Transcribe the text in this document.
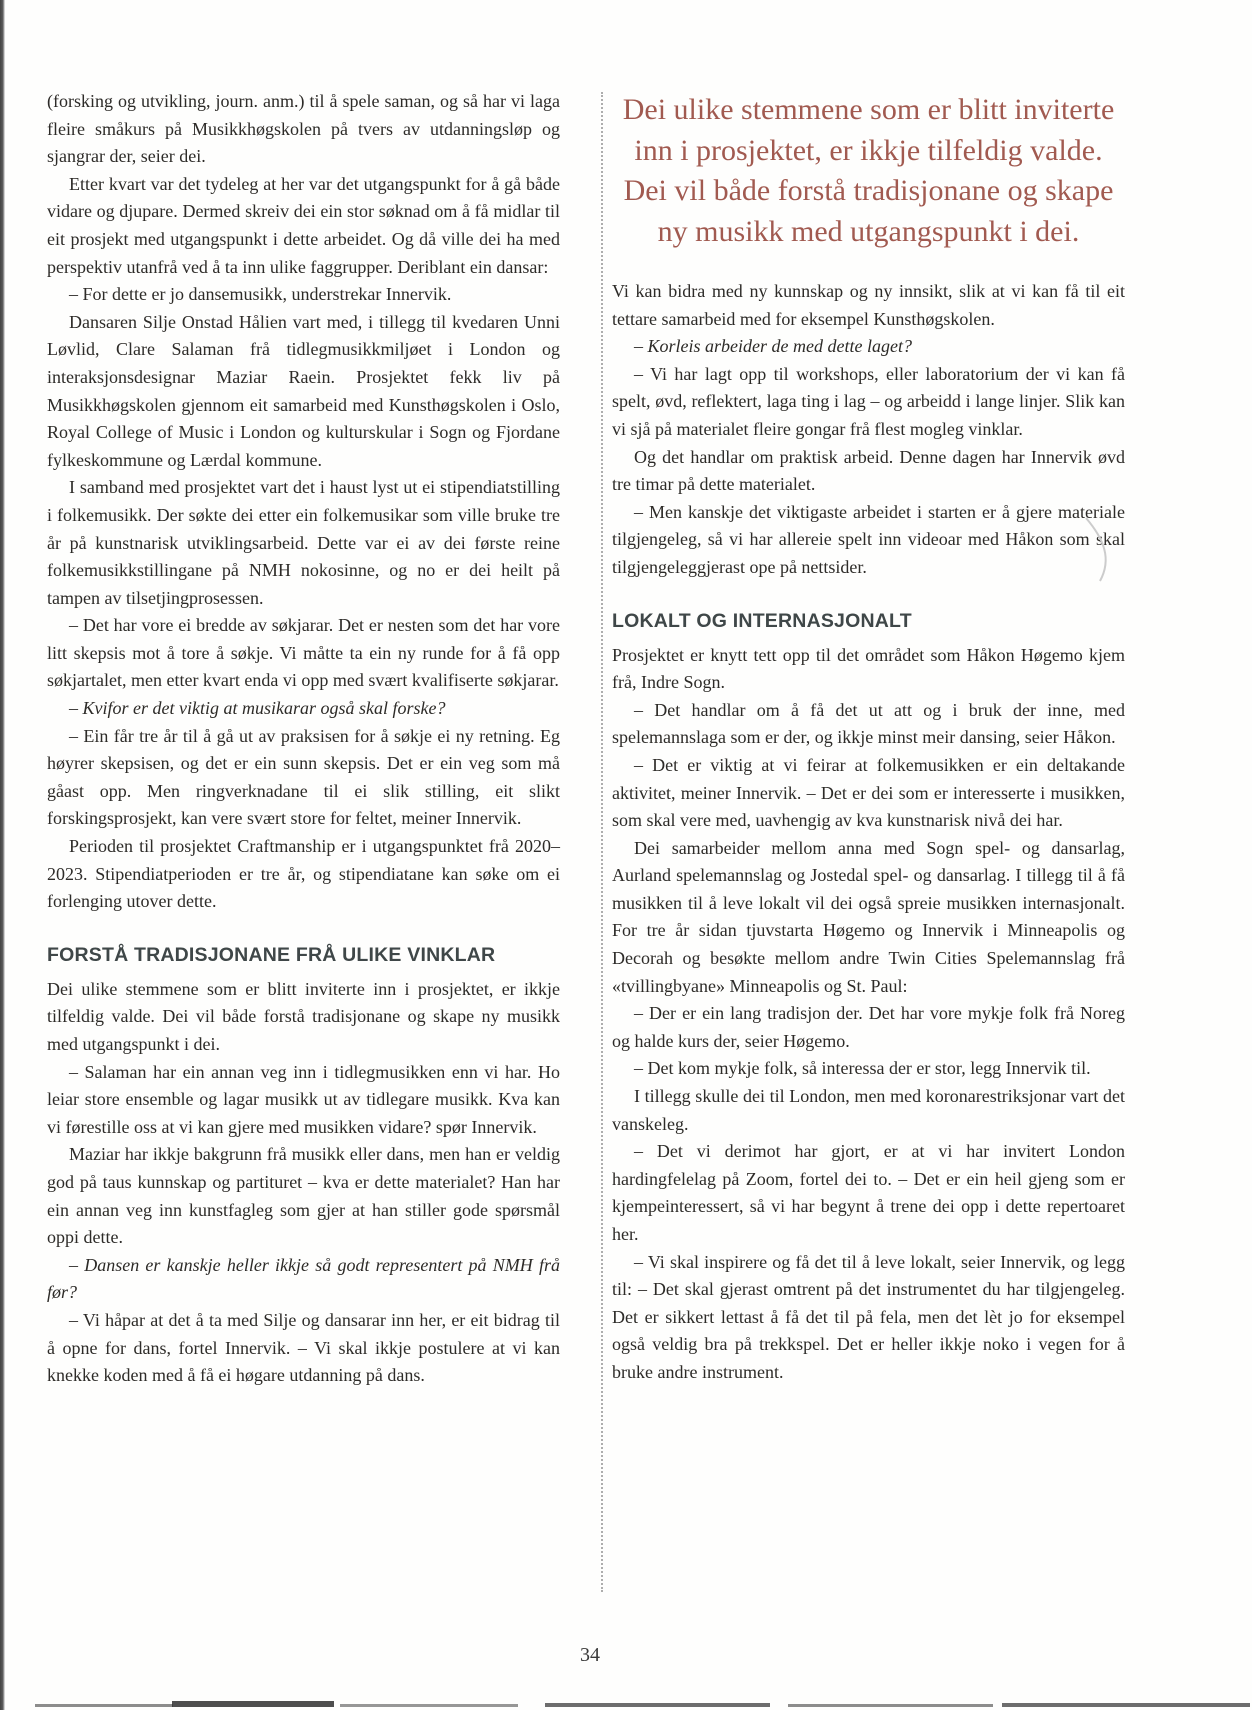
(forsking og utvikling, journ. anm.) til å spele saman, og så har vi laga fleire småkurs på Musikkhøgskolen på tvers av utdanningsløp og sjangrar der, seier dei.

Etter kvart var det tydeleg at her var det utgangspunkt for å gå både vidare og djupare. Dermed skreiv dei ein stor søknad om å få midlar til eit prosjekt med utgangspunkt i dette arbeidet. Og då ville dei ha med perspektiv utanfrå ved å ta inn ulike faggrupper. Deriblant ein dansar:

– For dette er jo dansemusikk, understrekar Innervik.

Dansaren Silje Onstad Hålien vart med, i tillegg til kvedaren Unni Løvlid, Clare Salaman frå tidlegmusikkmiljøet i London og interaksjonsdesignar Maziar Raein. Prosjektet fekk liv på Musikkhøgskolen gjennom eit samarbeid med Kunsthøgskolen i Oslo, Royal College of Music i London og kulturskular i Sogn og Fjordane fylkeskommune og Lærdal kommune.

I samband med prosjektet vart det i haust lyst ut ei stipendiatstilling i folkemusikk. Der søkte dei etter ein folkemusikar som ville bruke tre år på kunstnarisk utviklingsarbeid. Dette var ei av dei første reine folkemusikkstillingane på NMH nokosinne, og no er dei heilt på tampen av tilsetjingprosessen.

– Det har vore ei bredde av søkjarar. Det er nesten som det har vore litt skepsis mot å tore å søkje. Vi måtte ta ein ny runde for å få opp søkjartalet, men etter kvart enda vi opp med svært kvalifiserte søkjarar.

– Kvifor er det viktig at musikarar også skal forske?

– Ein får tre år til å gå ut av praksisen for å søkje ei ny retning. Eg høyrer skepsisen, og det er ein sunn skepsis. Det er ein veg som må gåast opp. Men ringverknadane til ei slik stilling, eit slikt forskingsprosjekt, kan vere svært store for feltet, meiner Innervik.

Perioden til prosjektet Craftmanship er i utgangspunktet frå 2020–2023. Stipendiatperioden er tre år, og stipendiatane kan søke om ei forlenging utover dette.

FORSTÅ TRADISJONANE FRÅ ULIKE VINKLAR

Dei ulike stemmene som er blitt inviterte inn i prosjektet, er ikkje tilfeldig valde. Dei vil både forstå tradisjonane og skape ny musikk med utgangspunkt i dei.

– Salaman har ein annan veg inn i tidlegmusikken enn vi har. Ho leiar store ensemble og lagar musikk ut av tidlegare musikk. Kva kan vi førestille oss at vi kan gjere med musikken vidare? spør Innervik.

Maziar har ikkje bakgrunn frå musikk eller dans, men han er veldig god på taus kunnskap og partituret – kva er dette materialet? Han har ein annan veg inn kunstfagleg som gjer at han stiller gode spørsmål oppi dette.

– Dansen er kanskje heller ikkje så godt representert på NMH frå før?

– Vi håpar at det å ta med Silje og dansarar inn her, er eit bidrag til å opne for dans, fortel Innervik. – Vi skal ikkje postulere at vi kan knekke koden med å få ei høgare utdanning på dans.

Dei ulike stemmene som er blitt inviterte inn i prosjektet, er ikkje tilfeldig valde. Dei vil både forstå tradisjonane og skape ny musikk med utgangspunkt i dei.

Vi kan bidra med ny kunnskap og ny innsikt, slik at vi kan få til eit tettare samarbeid med for eksempel Kunsthøgskolen.

– Korleis arbeider de med dette laget?

– Vi har lagt opp til workshops, eller laboratorium der vi kan få spelt, øvd, reflektert, laga ting i lag – og arbeidd i lange linjer. Slik kan vi sjå på materialet fleire gongar frå flest mogleg vinklar.

Og det handlar om praktisk arbeid. Denne dagen har Innervik øvd tre timar på dette materialet.

– Men kanskje det viktigaste arbeidet i starten er å gjere materiale tilgjengeleg, så vi har allereie spelt inn videoar med Håkon som skal tilgjengeleggjerast ope på nettsider.

LOKALT OG INTERNASJONALT

Prosjektet er knytt tett opp til det området som Håkon Høgemo kjem frå, Indre Sogn.

– Det handlar om å få det ut att og i bruk der inne, med spelemannslaga som er der, og ikkje minst meir dansing, seier Håkon.

– Det er viktig at vi feirar at folkemusikken er ein deltakande aktivitet, meiner Innervik. – Det er dei som er interesserte i musikken, som skal vere med, uavhengig av kva kunstnarisk nivå dei har.

Dei samarbeider mellom anna med Sogn spel- og dansarlag, Aurland spelemannslag og Jostedal spel- og dansarlag. I tillegg til å få musikken til å leve lokalt vil dei også spreie musikken internasjonalt. For tre år sidan tjuvstarta Høgemo og Innervik i Minneapolis og Decorah og besøkte mellom andre Twin Cities Spelemannslag frå «tvillingbyane» Minneapolis og St. Paul:

– Der er ein lang tradisjon der. Det har vore mykje folk frå Noreg og halde kurs der, seier Høgemo.

– Det kom mykje folk, så interessa der er stor, legg Innervik til.

I tillegg skulle dei til London, men med koronarestriksjonar vart det vanskeleg.

– Det vi derimot har gjort, er at vi har invitert London hardingfelelag på Zoom, fortel dei to. – Det er ein heil gjeng som er kjempeinteressert, så vi har begynt å trene dei opp i dette repertoaret her.

– Vi skal inspirere og få det til å leve lokalt, seier Innervik, og legg til: – Det skal gjerast omtrent på det instrumentet du har tilgjengeleg. Det er sikkert lettast å få det til på fela, men det lèt jo for eksempel også veldig bra på trekkspel. Det er heller ikkje noko i vegen for å bruke andre instrument.

34
